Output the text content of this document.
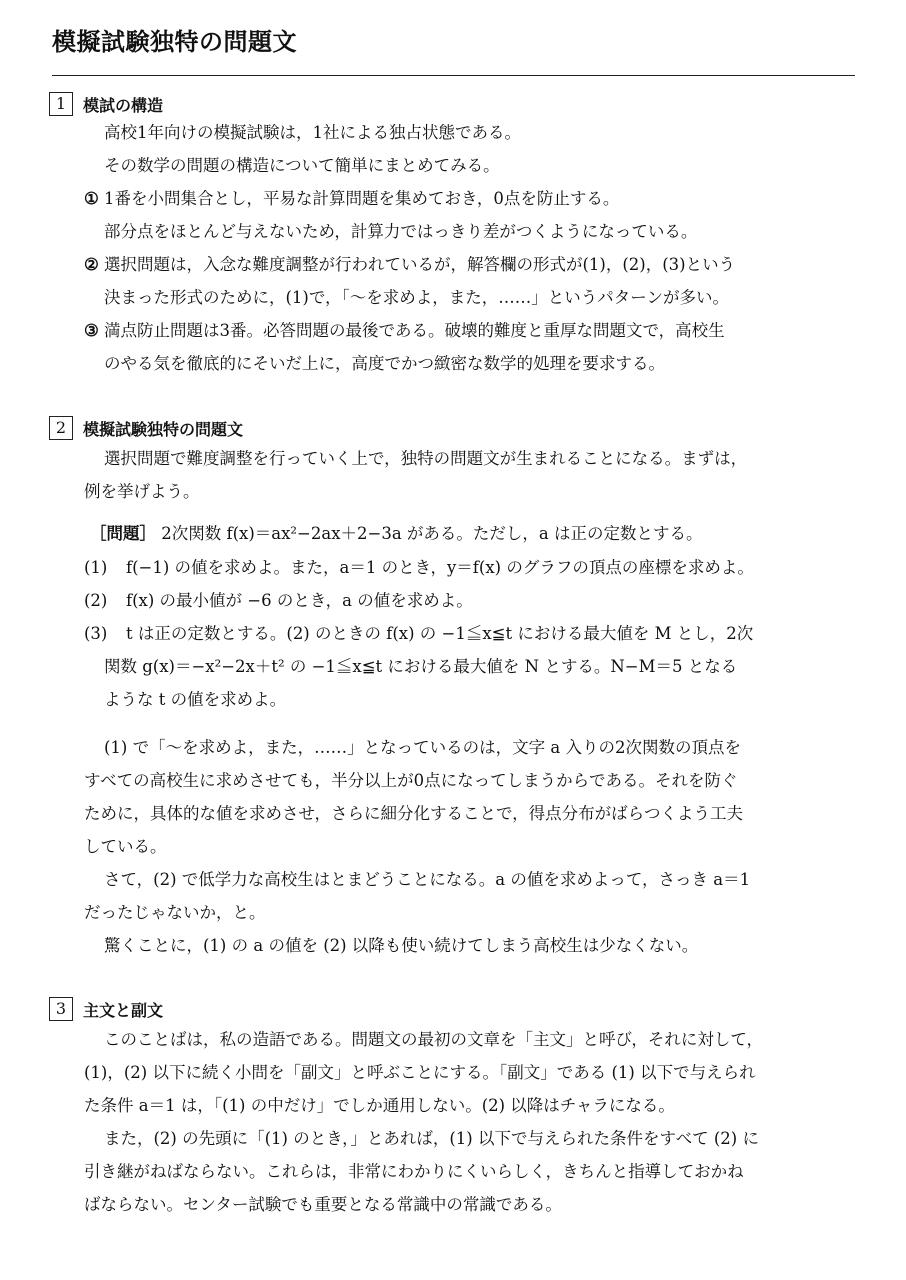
模擬試験独特の問題文
1	模試の構造
高校1年向けの模擬試験は，1社による独占状態である。
その数学の問題の構造について簡単にまとめてみる。
① 1番を小問集合とし，平易な計算問題を集めておき，0点を防止する。
部分点をほとんど与えないため，計算力ではっきり差がつくようになっている。
② 選択問題は，入念な難度調整が行われているが，解答欄の形式が(1)，(2)，(3)という
決まった形式のために，(1)で，「〜を求めよ，また，……」というパターンが多い。
③ 満点防止問題は3番。必答問題の最後である。破壊的難度と重厚な問題文で，高校生
のやる気を徹底的にそいだ上に，高度でかつ緻密な数学的処理を要求する。
2	模擬試験独特の問題文
選択問題で難度調整を行っていく上で，独特の問題文が生まれることになる。まずは，
例を挙げよう。
［問題］ 2次関数 f(x)＝ax²−2ax＋2−3a がある。ただし，a は正の定数とする。
(1) f(−1) の値を求めよ。また，a＝1 のとき，y＝f(x) のグラフの頂点の座標を求めよ。
(2) f(x) の最小値が −6 のとき，a の値を求めよ。
(3) t は正の定数とする。(2) のときの f(x) の −1≦x≦t における最大値を M とし，2次
関数 g(x)＝−x²−2x＋t² の −1≦x≦t における最大値を N とする。N−M＝5 となる
ような t の値を求めよ。
(1) で「〜を求めよ，また，……」となっているのは，文字 a 入りの2次関数の頂点を
すべての高校生に求めさせても，半分以上が0点になってしまうからである。それを防ぐ
ために，具体的な値を求めさせ，さらに細分化することで，得点分布がばらつくよう工夫
している。
さて，(2) で低学力な高校生はとまどうことになる。a の値を求めよって，さっき a＝1
だったじゃないか，と。
驚くことに，(1) の a の値を (2) 以降も使い続けてしまう高校生は少なくない。
3	主文と副文
このことばは，私の造語である。問題文の最初の文章を「主文」と呼び，それに対して，
(1)，(2) 以下に続く小問を「副文」と呼ぶことにする。「副文」である (1) 以下で与えられ
た条件 a＝1 は，「(1) の中だけ」でしか通用しない。(2) 以降はチャラになる。
また，(2) の先頭に「(1) のとき，」とあれば，(1) 以下で与えられた条件をすべて (2) に
引き継がねばならない。これらは，非常にわかりにくいらしく，きちんと指導しておかね
ばならない。センター試験でも重要となる常識中の常識である。
